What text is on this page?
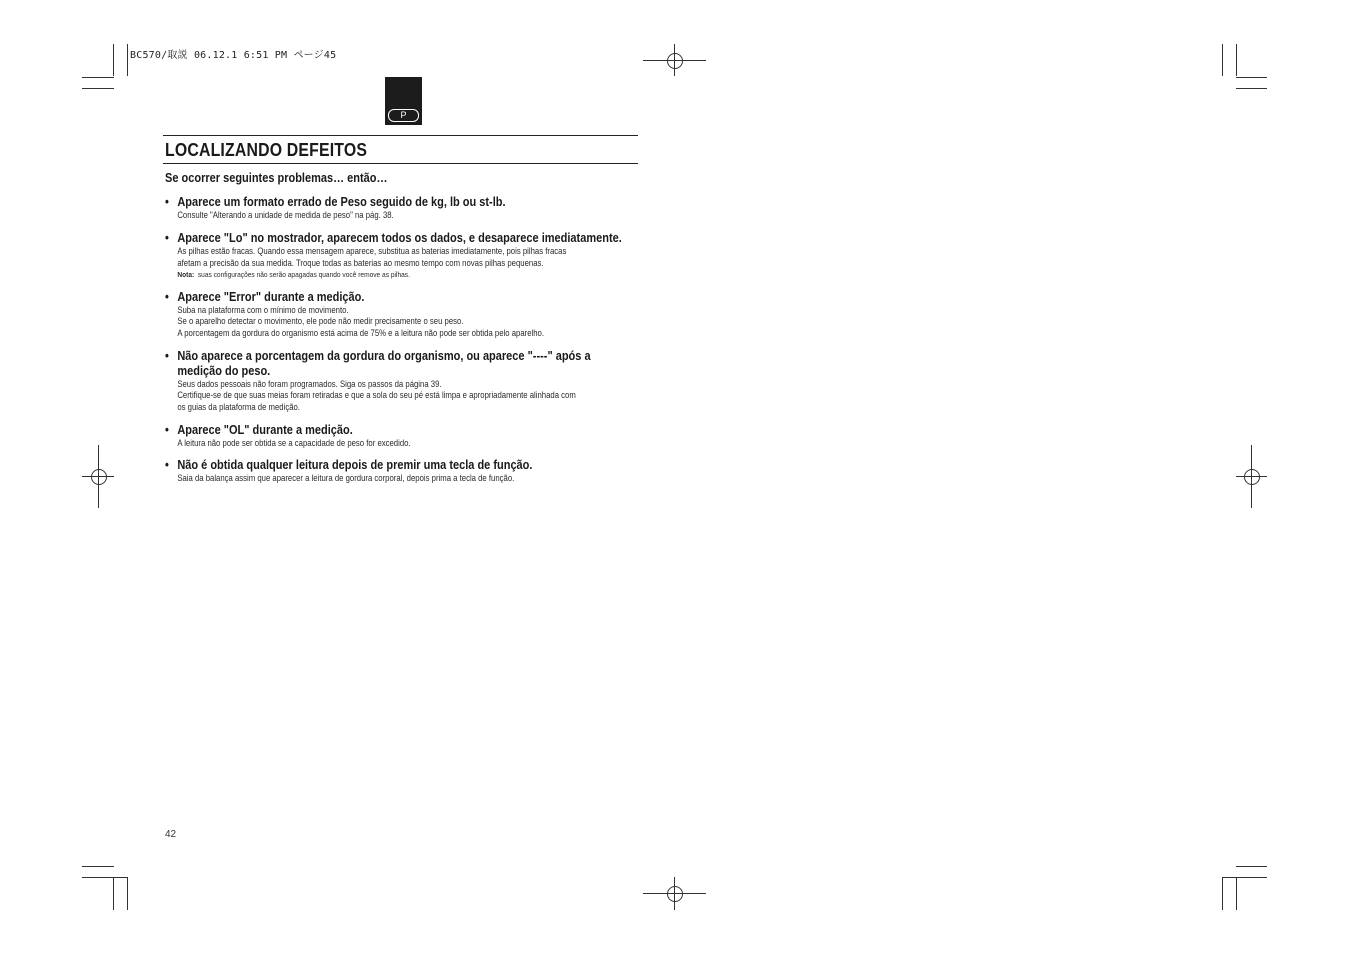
BC570/取説 06.12.1 6:51 PM ページ45
P
LOCALIZANDO DEFEITOS

Se ocorrer seguintes problemas… então…

• Aparece um formato errado de Peso seguido de kg, lb ou st-lb.
Consulte "Alterando a unidade de medida de peso" na pág. 38.
• Aparece "Lo" no mostrador, aparecem todos os dados, e desaparece imediatamente.
As pilhas estão fracas. Quando essa mensagem aparece, substitua as baterias imediatamente, pois pilhas fracas
afetam a precisão da sua medida. Troque todas as baterias ao mesmo tempo com novas pilhas pequenas.
Nota: suas configurações não serão apagadas quando você remove as pilhas.
• Aparece "Error" durante a medição.
Suba na plataforma com o mínimo de movimento.
Se o aparelho detectar o movimento, ele pode não medir precisamente o seu peso.
A porcentagem da gordura do organismo está acima de 75% e a leitura não pode ser obtida pelo aparelho.
• Não aparece a porcentagem da gordura do organismo, ou aparece "----" após a medição do peso.
Seus dados pessoais não foram programados. Siga os passos da página 39.
Certifique-se de que suas meias foram retiradas e que a sola do seu pé está limpa e apropriadamente alinhada com
os guias da plataforma de medição.
• Aparece "OL" durante a medição.
A leitura não pode ser obtida se a capacidade de peso for excedido.
• Não é obtida qualquer leitura depois de premir uma tecla de função.
Saia da balança assim que aparecer a leitura de gordura corporal, depois prima a tecla de função.
42
